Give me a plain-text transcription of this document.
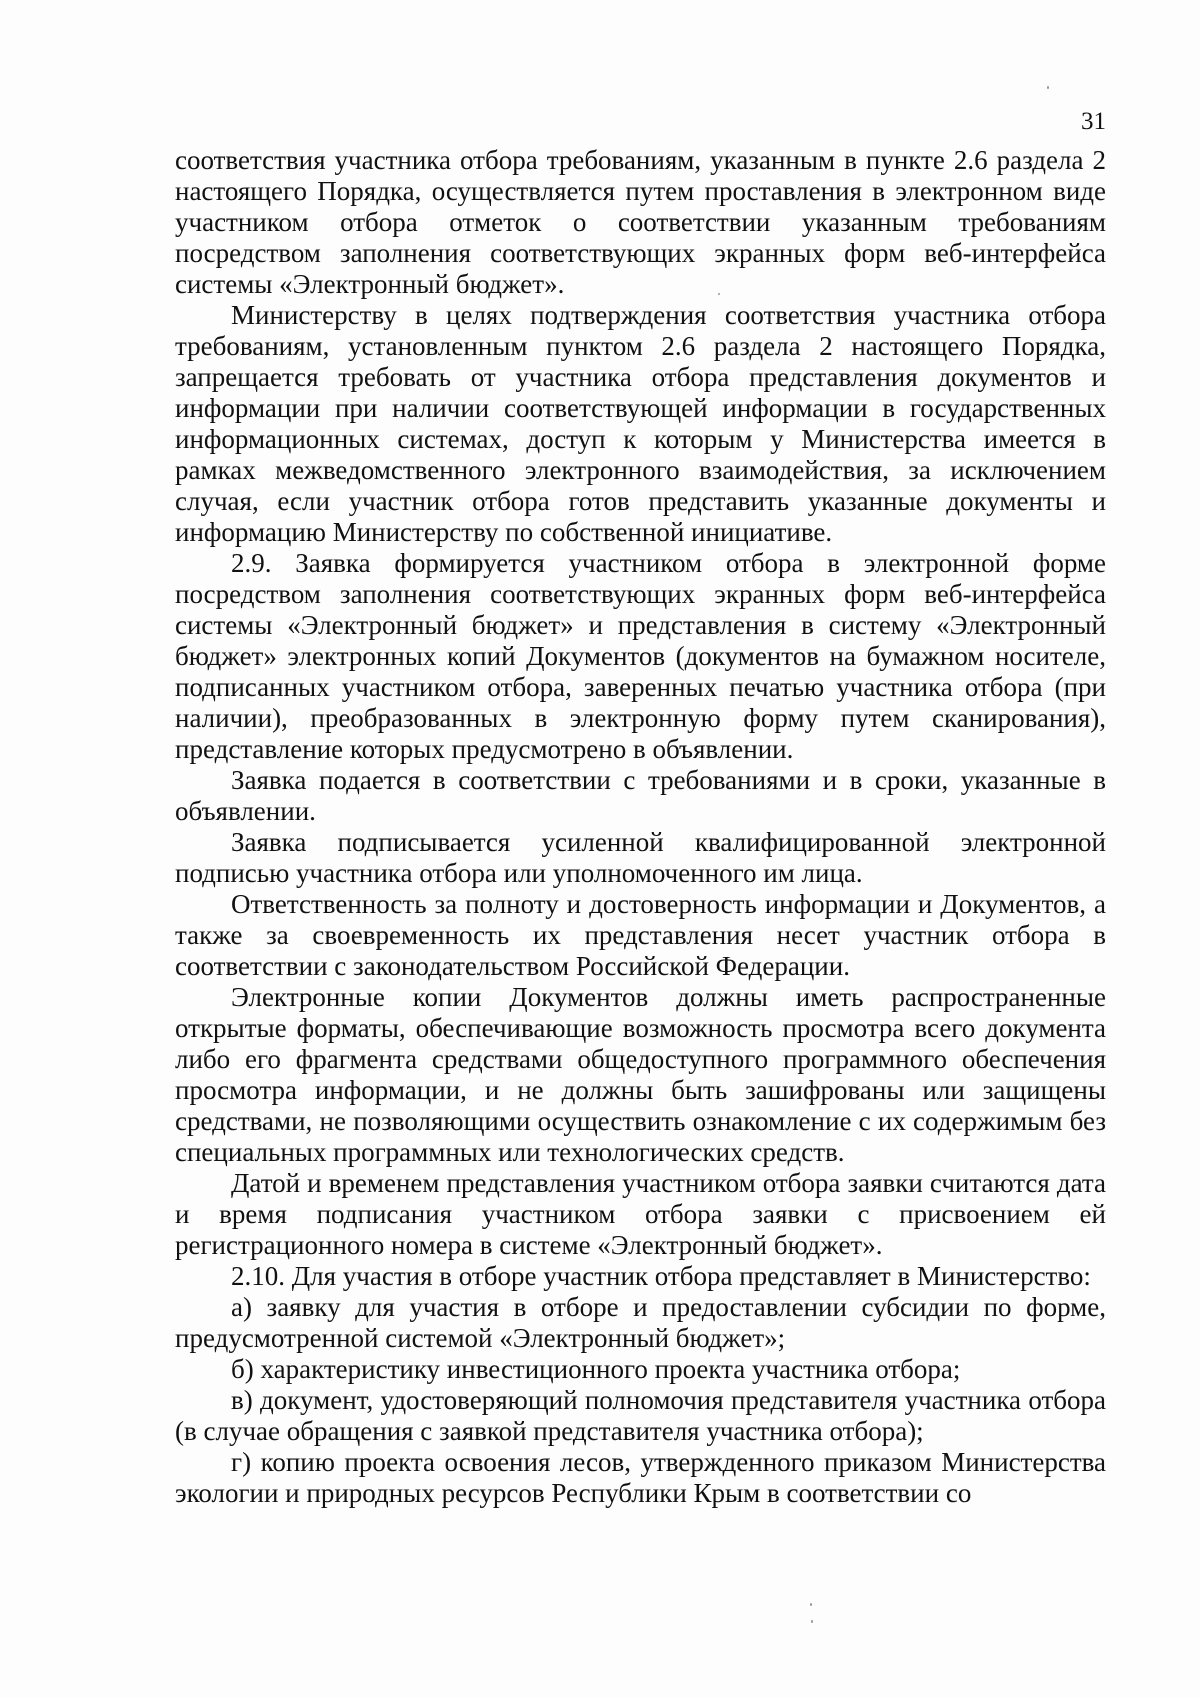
31

соответствия участника отбора требованиям, указанным в пункте 2.6 раздела 2 настоящего Порядка, осуществляется путем проставления в электронном виде участником отбора отметок о соответствии указанным требованиям посредством заполнения соответствующих экранных форм веб-интерфейса системы «Электронный бюджет».

Министерству в целях подтверждения соответствия участника отбора требованиям, установленным пунктом 2.6 раздела 2 настоящего Порядка, запрещается требовать от участника отбора представления документов и информации при наличии соответствующей информации в государственных информационных системах, доступ к которым у Министерства имеется в рамках межведомственного электронного взаимодействия, за исключением случая, если участник отбора готов представить указанные документы и информацию Министерству по собственной инициативе.

2.9. Заявка формируется участником отбора в электронной форме посредством заполнения соответствующих экранных форм веб-интерфейса системы «Электронный бюджет» и представления в систему «Электронный бюджет» электронных копий Документов (документов на бумажном носителе, подписанных участником отбора, заверенных печатью участника отбора (при наличии), преобразованных в электронную форму путем сканирования), представление которых предусмотрено в объявлении.

Заявка подается в соответствии с требованиями и в сроки, указанные в объявлении.

Заявка подписывается усиленной квалифицированной электронной подписью участника отбора или уполномоченного им лица.

Ответственность за полноту и достоверность информации и Документов, а также за своевременность их представления несет участник отбора в соответствии с законодательством Российской Федерации.

Электронные копии Документов должны иметь распространенные открытые форматы, обеспечивающие возможность просмотра всего документа либо его фрагмента средствами общедоступного программного обеспечения просмотра информации, и не должны быть зашифрованы или защищены средствами, не позволяющими осуществить ознакомление с их содержимым без специальных программных или технологических средств.

Датой и временем представления участником отбора заявки считаются дата и время подписания участником отбора заявки с присвоением ей регистрационного номера в системе «Электронный бюджет».

2.10. Для участия в отборе участник отбора представляет в Министерство:

а) заявку для участия в отборе и предоставлении субсидии по форме, предусмотренной системой «Электронный бюджет»;

б) характеристику инвестиционного проекта участника отбора;

в) документ, удостоверяющий полномочия представителя участника отбора (в случае обращения с заявкой представителя участника отбора);

г) копию проекта освоения лесов, утвержденного приказом Министерства экологии и природных ресурсов Республики Крым в соответствии со
